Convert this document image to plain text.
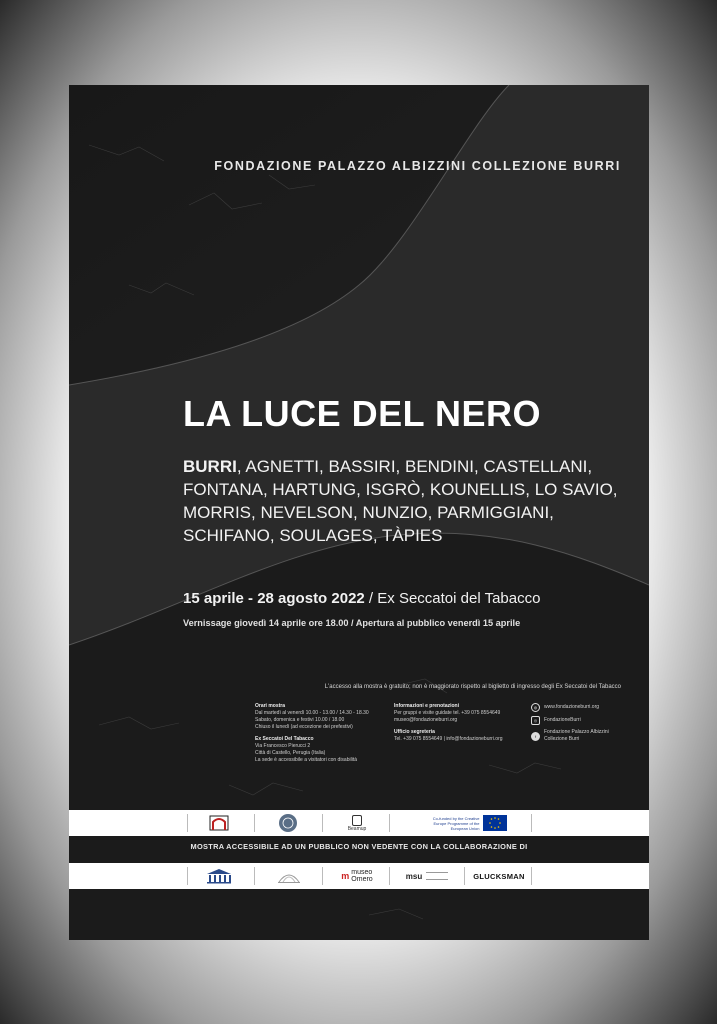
FONDAZIONE PALAZZO ALBIZZINI COLLEZIONE BURRI
LA LUCE DEL NERO
BURRI, AGNETTI, BASSIRI, BENDINI, CASTELLANI, FONTANA, HARTUNG, ISGRÒ, KOUNELLIS, LO SAVIO, MORRIS, NEVELSON, NUNZIO, PARMIGGIANI, SCHIFANO, SOULAGES, TÀPIES
15 aprile - 28 agosto 2022 / Ex Seccatoi del Tabacco
Vernissage giovedì 14 aprile ore 18.00 / Apertura al pubblico venerdì 15 aprile
L'accesso alla mostra è gratuito; non è maggiorato rispetto al biglietto di ingresso degli Ex Seccatoi del Tabacco
Orari mostra
Dal martedì al venerdì 10.00 - 13.00 / 14.30 - 18.30
Sabato, domenica e festivi 10.00 / 18.00
Chiuso il lunedì (ad eccezione dei prefestivi)
Ex Seccatoi Del Tabacco
Via Francesco Pierucci 2
Città di Castello, Perugia (Italia)
La sede è accessibile a visitatori con disabilità
Informazioni e prenotazioni
Per gruppi e visite guidate tel. +39 075 8554649
museo@fondazioneburri.org
Ufficio segreteria
Tel. +39 075 8554649 | info@fondazioneburri.org
◍	www.fondazioneburri.org
◎	FondazioneBurri
f
Fondazione Palazzo Albizzini
Collezione Burri
Beamup
Co-funded by the Creative Europe Programme of the European Union
MOSTRA ACCESSIBILE AD UN PUBBLICO NON VEDENTE CON LA COLLABORAZIONE DI
m museo
Omero	msu	GLUCKSMAN
